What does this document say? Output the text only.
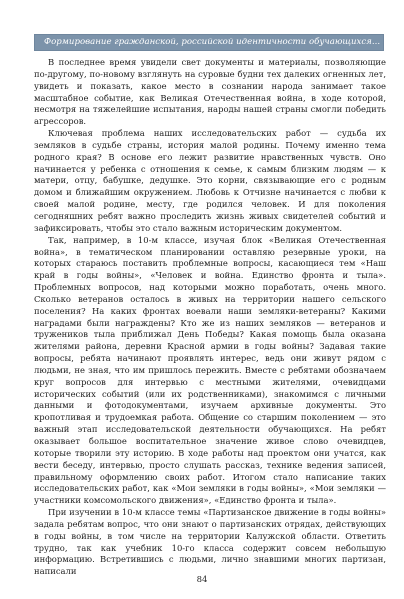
Формирование гражданской, российской идентичности обучающихся...

В последнее время увидели свет документы и материалы, позволяющие по-другому, по-новому взглянуть на суровые будни тех далеких огненных лет, увидеть и показать, какое место в сознании народа занимает такое масштабное событие, как Великая Отечественная война, в ходе которой, несмотря на тяжелейшие испытания, народы нашей страны смогли победить агрессоров.

Ключевая проблема наших исследовательских работ — судьба их земляков в судьбе страны, история малой родины. Почему именно тема родного края? В основе его лежит развитие нравственных чувств. Оно начинается у ребенка с отношения к семье, к самым близким людям — к матери, отцу, бабушке, дедушке. Это корни, связывающие его с родным домом и ближайшим окружением. Любовь к Отчизне начинается с любви к своей малой родине, месту, где родился человек. И для поколения сегодняшних ребят важно проследить жизнь живых свидетелей событий и зафиксировать, чтобы это стало важным историческим документом.

Так, например, в 10-м классе, изучая блок «Великая Отечественная война», в тематическом планировании оставляю резервные уроки, на которых стараюсь поставить проблемные вопросы, касающиеся тем «Наш край в годы войны», «Человек и война. Единство фронта и тыла». Проблемных вопросов, над которыми можно поработать, очень много. Сколько ветеранов осталось в живых на территории нашего сельского поселения? На каких фронтах воевали наши земляки-ветераны? Какими наградами были награждены? Кто же из наших земляков — ветеранов и тружеников тыла приближал День Победы? Какая помощь была оказана жителями района, деревни Красной армии в годы войны? Задавая такие вопросы, ребята начинают проявлять интерес, ведь они живут рядом с людьми, не зная, что им пришлось пережить. Вместе с ребятами обозначаем круг вопросов для интервью с местными жителями, очевидцами исторических событий (или их родственниками), знакомимся с личными данными и фотодокументами, изучаем архивные документы. Это кропотливая и трудоемкая работа. Общение со старшим поколением — это важный этап исследовательской деятельности обучающихся. На ребят оказывает большое воспитательное значение живое слово очевидцев, которые творили эту историю. В ходе работы над проектом они учатся, как вести беседу, интервью, просто слушать рассказ, технике ведения записей, правильному оформлению своих работ. Итогом стало написание таких исследовательских работ, как «Мои земляки в годы войны», «Мои земляки — участники комсомольского движения», «Единство фронта и тыла».

При изучении в 10-м классе темы «Партизанское движение в годы войны» задала ребятам вопрос, что они знают о партизанских отрядах, действующих в годы войны, в том числе на территории Калужской области. Ответить трудно, так как учебник 10-го класса содержит совсем небольшую информацию. Встретившись с людьми, лично знавшими многих партизан, написали

84
